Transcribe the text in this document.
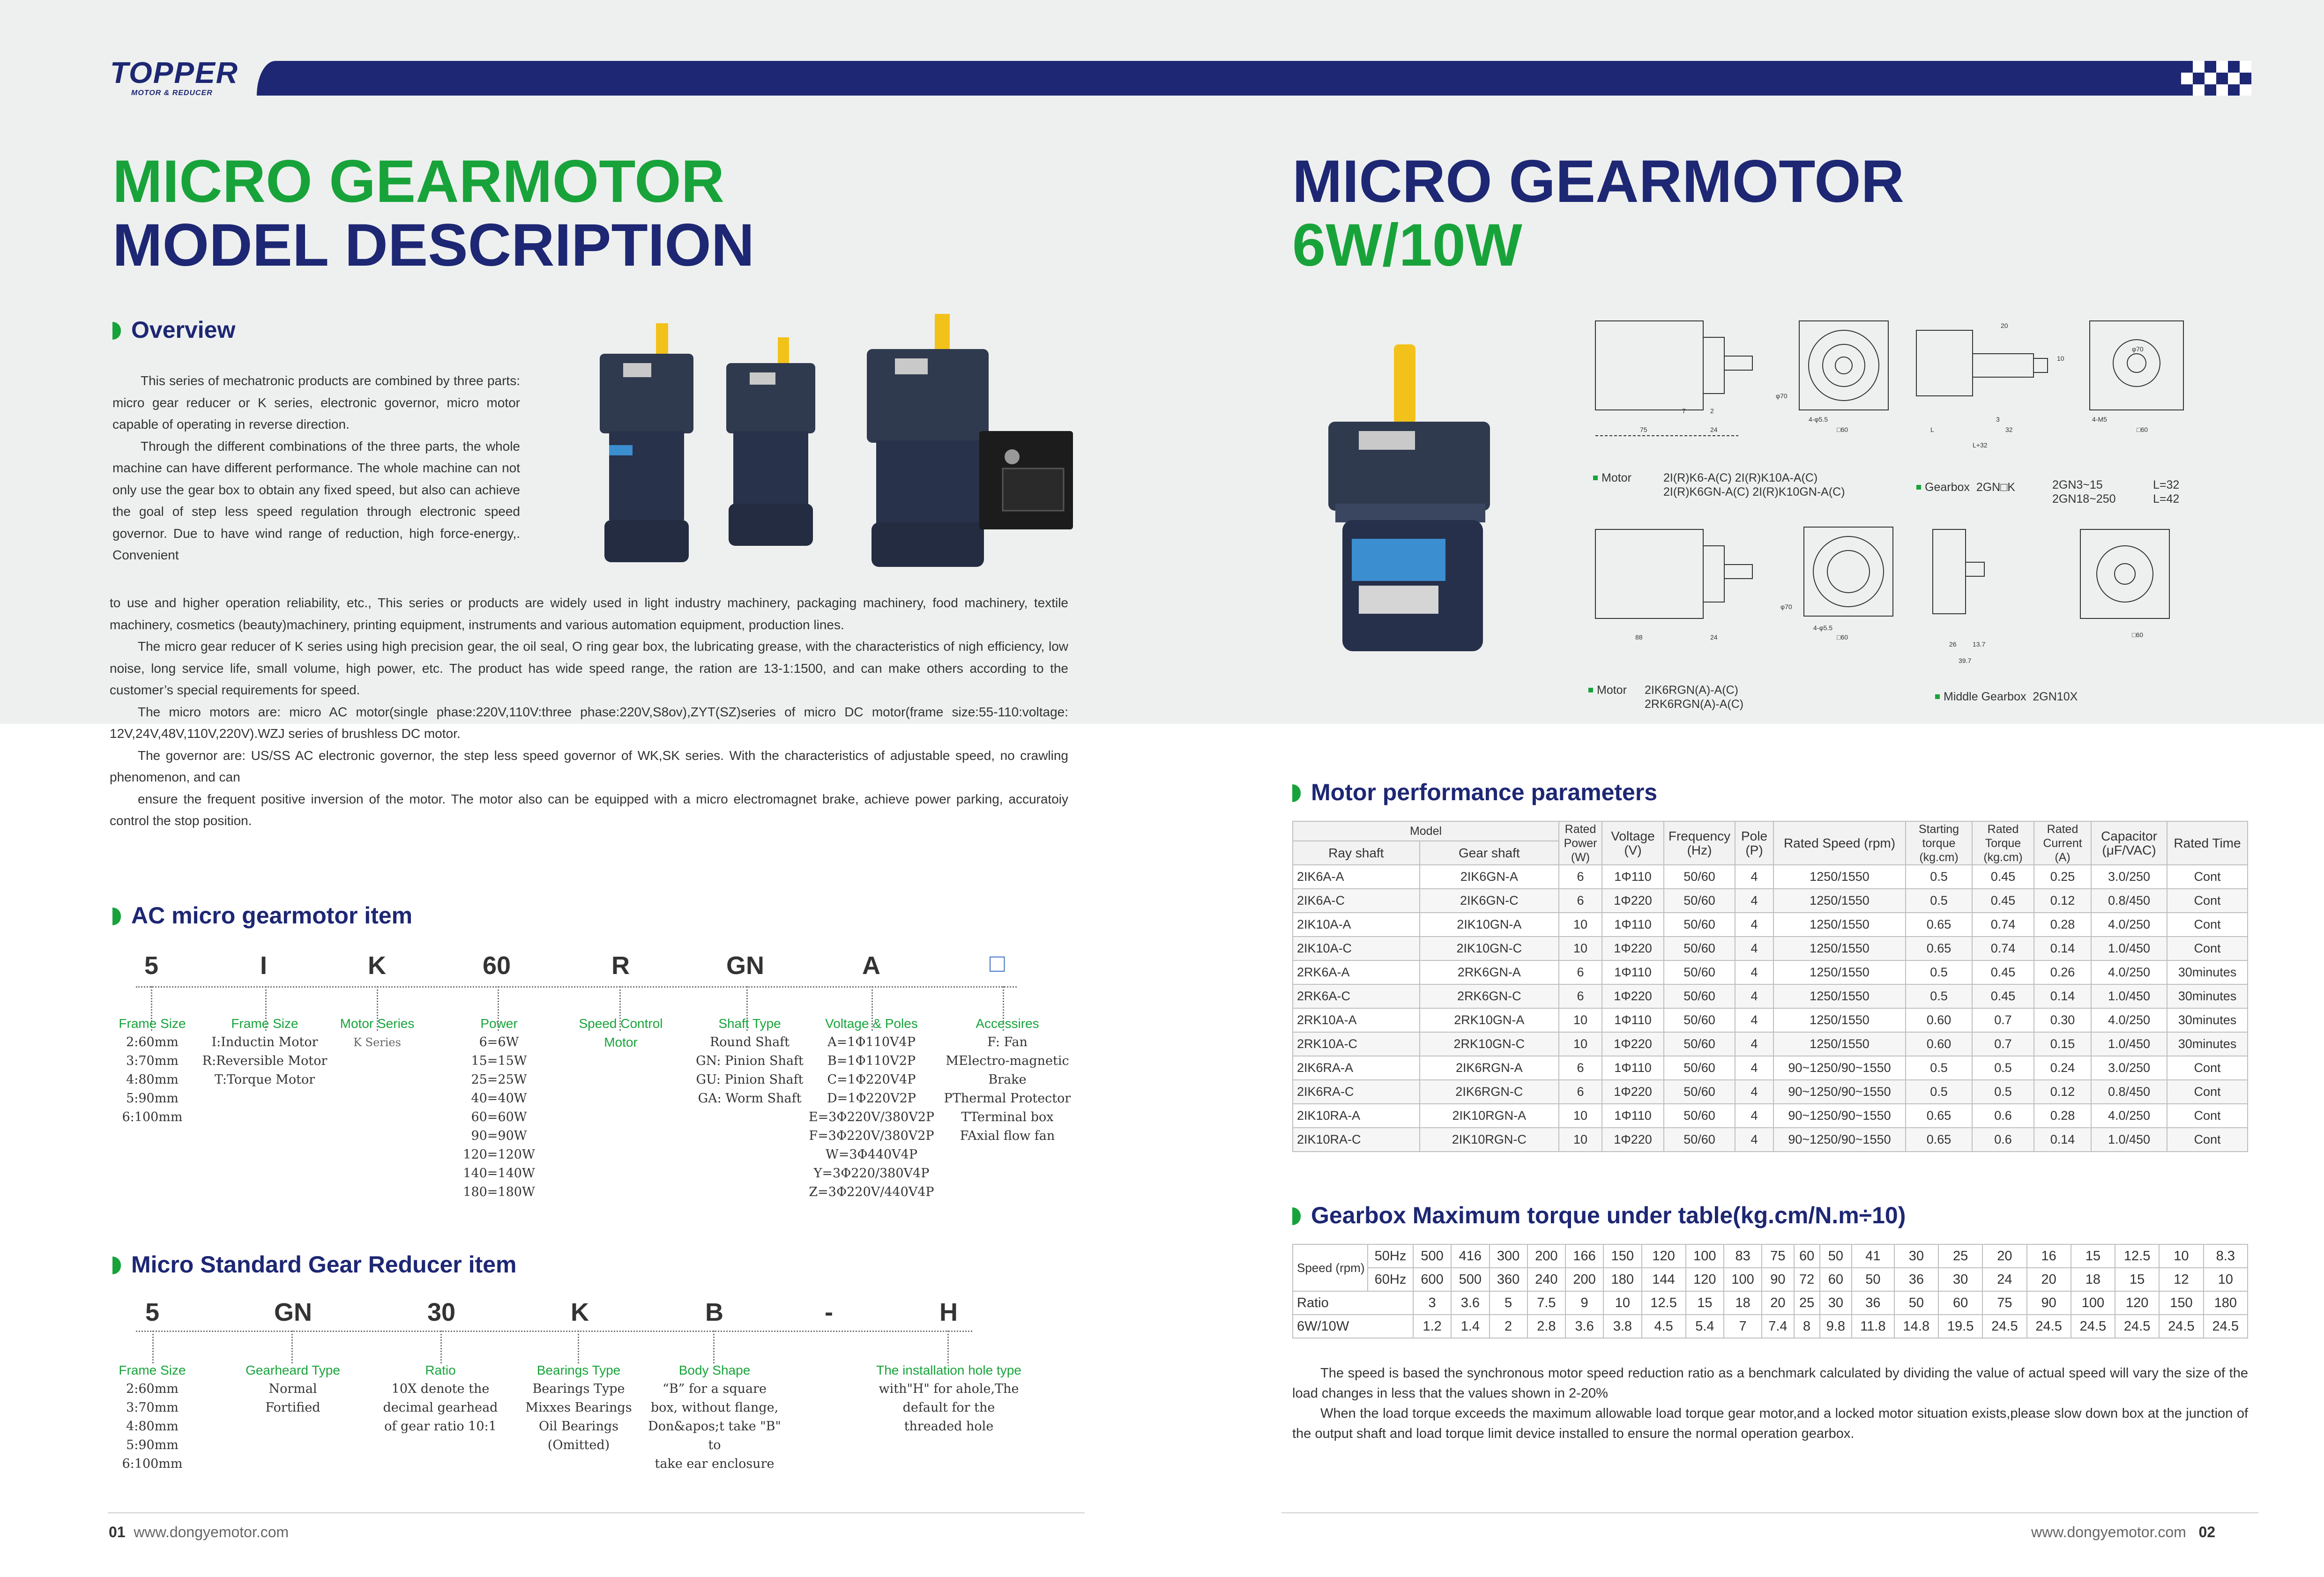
TOPPER
MOTOR & REDUCER
MICRO GEARMOTOR
MODEL DESCRIPTION
Overview

This series of mechatronic products are combined by three parts: micro gear reducer or K series, electronic governor, micro motor capable of operating in reverse direction.

Through the different combinations of the three parts, the whole machine can have different performance. The whole machine can not only use the gear box to obtain any fixed speed, but also can achieve the goal of step less speed regulation through electronic speed governor. Due to have wind range of reduction, high force-energy,. Convenient

to use and higher operation reliability, etc., This series or products are widely used in light industry machinery, packaging machinery, food machinery, textile machinery, cosmetics (beauty)machinery, printing equipment, instruments and various automation equipment, production lines.

The micro gear reducer of K series using high precision gear, the oil seal, O ring gear box, the lubricating grease, with the characteristics of nigh efficiency, low noise, long service life, small volume, high power, etc. The product has wide speed range, the ration are 13-1:1500, and can make others according to the customer’s special requirements for speed.

The micro motors are: micro AC motor(single phase:220V,110V:three phase:220V,S8ov),ZYT(SZ)series of micro DC motor(frame size:55-110:voltage: 12V,24V,48V,110V,220V).WZJ series of brushless DC motor.

The governor are: US/SS AC electronic governor, the step less speed governor of WK,SK series. With the characteristics of adjustable speed, no crawling phenomenon, and can

ensure the frequent positive inversion of the motor. The motor also can be equipped with a micro electromagnet brake, achieve power parking, accuratoiy control the stop position.

AC micro gearmotor item
5	I	K	60	R	GN	A	□
Frame Size
2:60mm
3:70mm
4:80mm
5:90mm
6:100mm
Frame Size
I:Inductin Motor
R:Reversible Motor
T:Torque Motor
Motor Series
K Series
Power
6=6W
15=15W
25=25W
40=40W
60=60W
90=90W
120=120W
140=140W
180=180W
Speed Control
Motor
Shaft Type
Round Shaft
GN: Pinion Shaft
GU: Pinion Shaft
GA: Worm Shaft
Voltage & Poles
A=1Φ110V4P
B=1Φ110V2P
C=1Φ220V4P
D=1Φ220V2P
E=3Φ220V/380V2P
F=3Φ220V/380V2P
W=3Φ440V4P
Y=3Φ220/380V4P
Z=3Φ220V/440V4P
Accessires
F: Fan
MElectro-magnetic
Brake
PThermal Protector
TTerminal box
FAxial flow fan
Micro Standard Gear Reducer item
5	GN	30	K	B	-	H
Frame Size
2:60mm
3:70mm
4:80mm
5:90mm
6:100mm
Gearheard Type
Normal
Fortified
Ratio
10X denote the
decimal gearhead
of gear ratio 10:1
Bearings Type
Bearings Type
Mixxes Bearings
Oil Bearings
(Omitted)
Body Shape
“B” for a square
box, without flange,
Don&apos;t take "B" to
take ear enclosure
The installation hole type
with"H" for ahole,The
default for the
threaded hole
01 www.dongyemotor.com
MICRO GEARMOTOR
6W/10W
75	24	□60
88	24	□60
L	32
L+32
26 13.7
39.7
□60
□60
4-φ5.5
4-φ5.5
4-M5
φ70
φ70
φ70
20
2
7
3
10
Motor	2I(R)K6-A(C) 2I(R)K10A-A(C)
2I(R)K6GN-A(C) 2I(R)K10GN-A(C)	Gearbox 2GN□K	2GN3~15
2GN18~250
L=32
L=42
Motor 2IK6RGN(A)-A(C)
2RK6RGN(A)-A(C)
Middle Gearbox 2GN10X
Motor performance parameters
Model		Rated Power (W)	Voltage (V)	Frequency (Hz)	Pole (P)	Rated Speed (rpm)	Starting torque (kg.cm)	Rated Torque (kg.cm)	Rated Current (A)	Capacitor (μF/VAC)	Rated Time
Ray shaft	Gear shaft										
2IK6A-A	2IK6GN-A	6	1Φ110	50/60	4	1250/1550	0.5	0.45	0.25	3.0/250	Cont
2IK6A-C	2IK6GN-C	6	1Φ220	50/60	4	1250/1550	0.5	0.45	0.12	0.8/450	Cont
2IK10A-A	2IK10GN-A	10	1Φ110	50/60	4	1250/1550	0.65	0.74	0.28	4.0/250	Cont
2IK10A-C	2IK10GN-C	10	1Φ220	50/60	4	1250/1550	0.65	0.74	0.14	1.0/450	Cont
2RK6A-A	2RK6GN-A	6	1Φ110	50/60	4	1250/1550	0.5	0.45	0.26	4.0/250	30minutes
2RK6A-C	2RK6GN-C	6	1Φ220	50/60	4	1250/1550	0.5	0.45	0.14	1.0/450	30minutes
2RK10A-A	2RK10GN-A	10	1Φ110	50/60	4	1250/1550	0.60	0.7	0.30	4.0/250	30minutes
2RK10A-C	2RK10GN-C	10	1Φ220	50/60	4	1250/1550	0.60	0.7	0.15	1.0/450	30minutes
2IK6RA-A	2IK6RGN-A	6	1Φ110	50/60	4	90~1250/90~1550	0.5	0.5	0.24	3.0/250	Cont
2IK6RA-C	2IK6RGN-C	6	1Φ220	50/60	4	90~1250/90~1550	0.5	0.5	0.12	0.8/450	Cont
2IK10RA-A	2IK10RGN-A	10	1Φ110	50/60	4	90~1250/90~1550	0.65	0.6	0.28	4.0/250	Cont
2IK10RA-C	2IK10RGN-C	10	1Φ220	50/60	4	90~1250/90~1550	0.65	0.6	0.14	1.0/450	Cont
Gearbox Maximum torque under table(kg.cm/N.m÷10)
Speed (rpm)	50Hz	500	416	300	200	166	150	120	100	83	75	60	50	41	30	25	20	16	15	12.5	10	8.3
	60Hz	600	500	360	240	200	180	144	120	100	90	72	60	50	36	30	24	20	18	15	12	10
Ratio		3	3.6	5	7.5	9	10	12.5	15	18	20	25	30	36	50	60	75	90	100	120	150	180
6W/10W		1.2	1.4	2	2.8	3.6	3.8	4.5	5.4	7	7.4	8	9.8	11.8	14.8	19.5	24.5	24.5	24.5	24.5	24.5	24.5

The speed is based the synchronous motor speed reduction ratio as a benchmark calculated by dividing the value of actual speed will vary the size of the load changes in less that the values shown in 2-20%

When the load torque exceeds the maximum allowable load torque gear motor,and a locked motor situation exists,please slow down box at the junction of the output shaft and load torque limit device installed to ensure the normal operation gearbox.

www.dongyemotor.com 02
